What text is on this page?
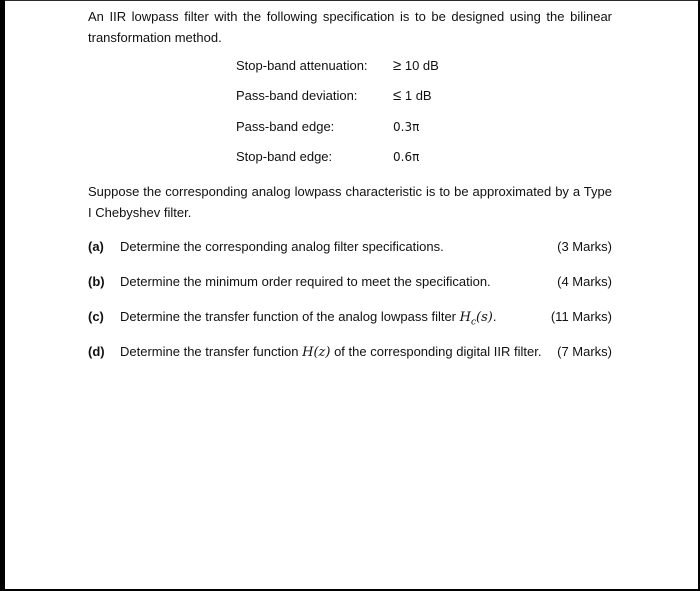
An IIR lowpass filter with the following specification is to be designed using the bilinear transformation method.

Stop-band attenuation: ≥ 10 dB
Pass-band deviation: ≤ 1 dB
Pass-band edge:	0.3π
Stop-band edge:	0.6π

Suppose the corresponding analog lowpass characteristic is to be approximated by a Type I Chebyshev filter.

(a) Determine the corresponding analog filter specifications.	(3 Marks)
(b) Determine the minimum order required to meet the specification.	(4 Marks)
(c) Determine the transfer function of the analog lowpass filter $H_c(s)$.	(11 Marks)
(d) Determine the transfer function H(z) of the corresponding digital IIR filter. (7 Marks)
